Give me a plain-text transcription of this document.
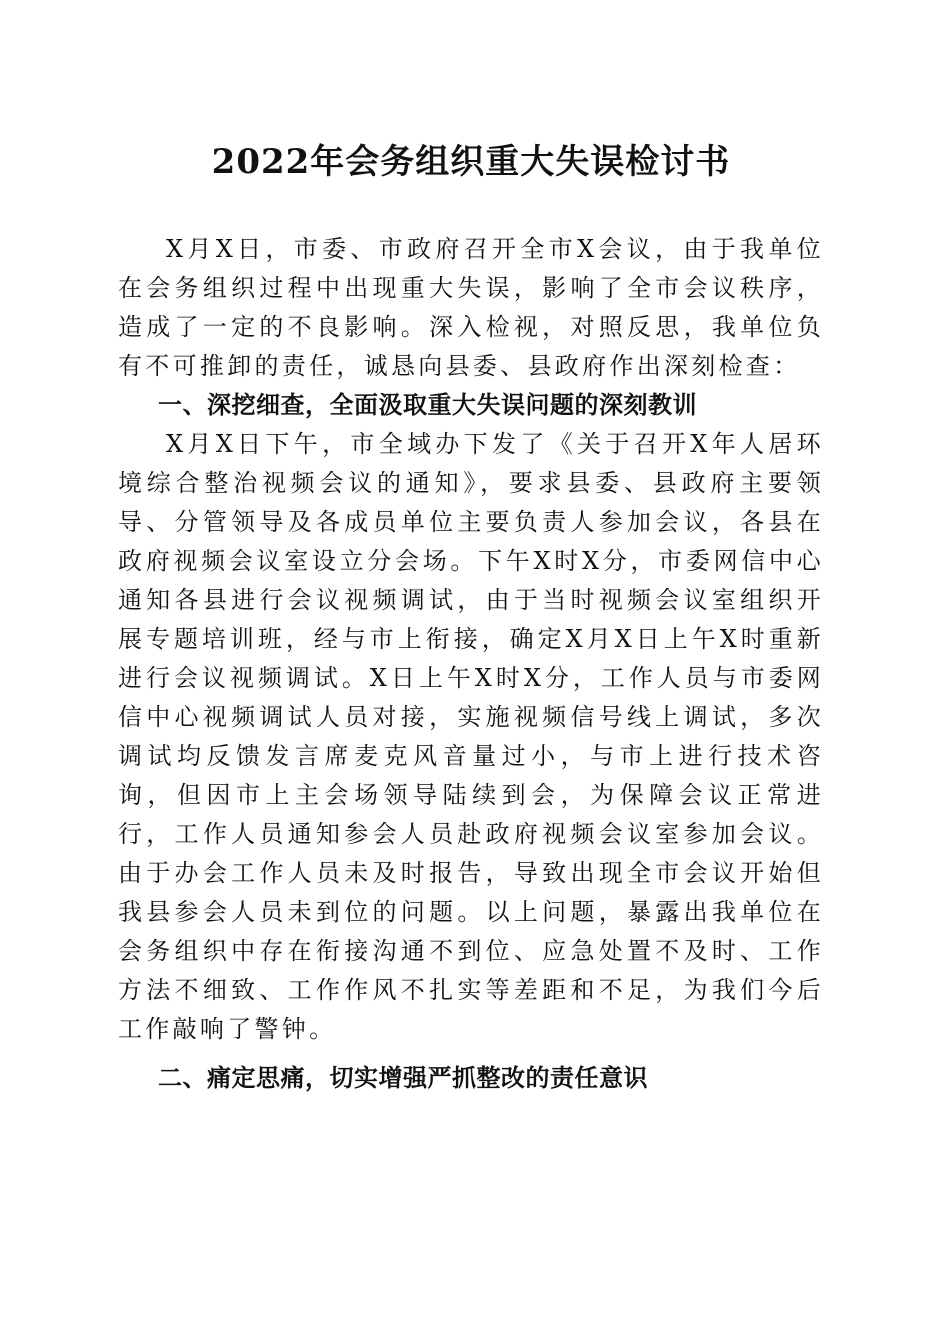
2022年会务组织重大失误检讨书

X月X日，市委、市政府召开全市X会议，由于我单位在会务组织过程中出现重大失误，影响了全市会议秩序，造成了一定的不良影响。深入检视，对照反思，我单位负有不可推卸的责任，诚恳向县委、县政府作出深刻检查：

一、深挖细查，全面汲取重大失误问题的深刻教训

X月X日下午，市全域办下发了《关于召开X年人居环境综合整治视频会议的通知》，要求县委、县政府主要领导、分管领导及各成员单位主要负责人参加会议，各县在政府视频会议室设立分会场。下午X时X分，市委网信中心通知各县进行会议视频调试，由于当时视频会议室组织开展专题培训班，经与市上衔接，确定X月X日上午X时重新进行会议视频调试。X日上午X时X分，工作人员与市委网信中心视频调试人员对接，实施视频信号线上调试，多次调试均反馈发言席麦克风音量过小，与市上进行技术咨询，但因市上主会场领导陆续到会，为保障会议正常进行，工作人员通知参会人员赴政府视频会议室参加会议。由于办会工作人员未及时报告，导致出现全市会议开始但我县参会人员未到位的问题。以上问题，暴露出我单位在会务组织中存在衔接沟通不到位、应急处置不及时、工作方法不细致、工作作风不扎实等差距和不足，为我们今后工作敲响了警钟。

二、痛定思痛，切实增强严抓整改的责任意识
